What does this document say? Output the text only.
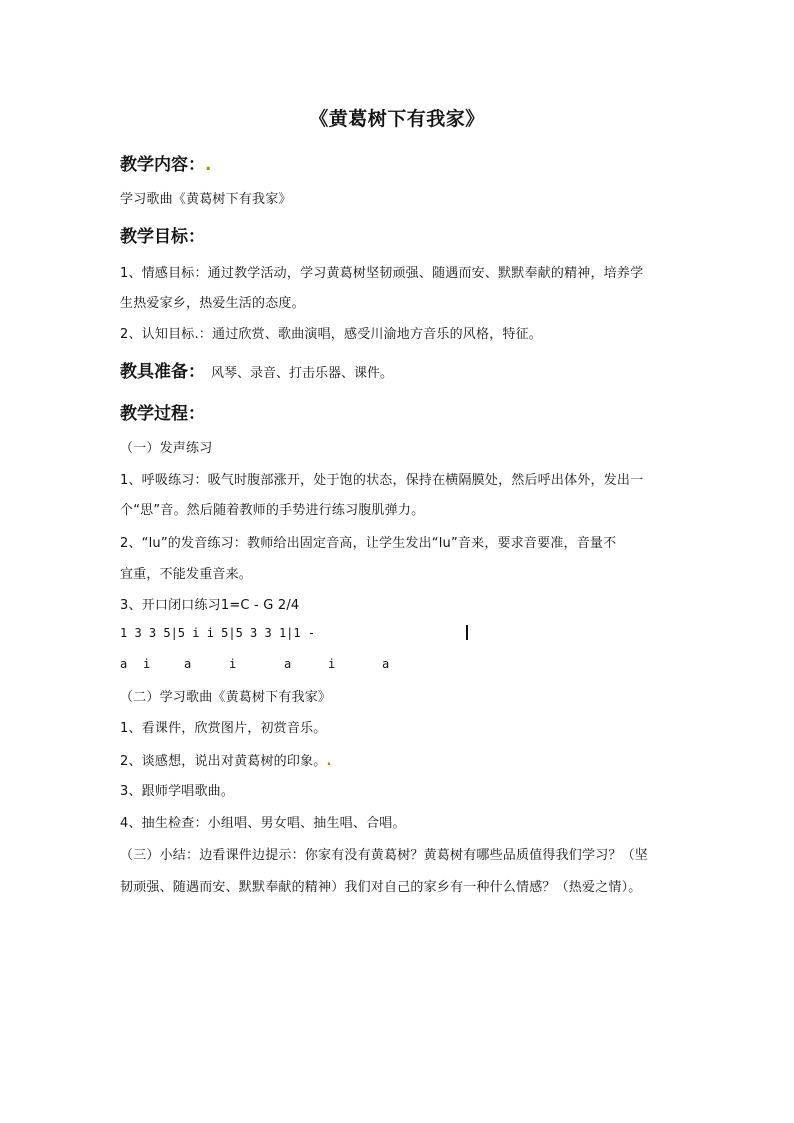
《黄葛树下有我家》
教学内容：.
学习歌曲《黄葛树下有我家》
教学目标：
1、情感目标：通过教学活动，学习黄葛树坚韧顽强、随遇而安、默默奉献的精神，培养学
生热爱家乡，热爱生活的态度。
2、认知目标.：通过欣赏、歌曲演唱，感受川渝地方音乐的风格，特征。
教具准备： 风琴、录音、打击乐器、课件。
教学过程：
（一）发声练习
1、呼吸练习：吸气时腹部涨开，处于饱的状态，保持在横隔膜处，然后呼出体外，发出一
个“思”音。然后随着教师的手势进行练习腹肌弹力。
2、“lu”的发音练习：教师给出固定音高，让学生发出“lu”音来，要求音要准，音量不
宜重，不能发重音来。
3、开口闭口练习1=C - G 2/4
1 3 3 5|5 i i 5|5 3 3 1|1 -
a i	a	i	a	i	a
（二）学习歌曲《黄葛树下有我家》
1、看课件，欣赏图片，初赏音乐。
2、谈感想，说出对黄葛树的印象。.
3、跟师学唱歌曲。
4、抽生检查：小组唱、男女唱、抽生唱、合唱。
（三）小结：边看课件边提示：你家有没有黄葛树？黄葛树有哪些品质值得我们学习？（坚
韧顽强、随遇而安、默默奉献的精神）我们对自己的家乡有一种什么情感？（热爱之情）。
